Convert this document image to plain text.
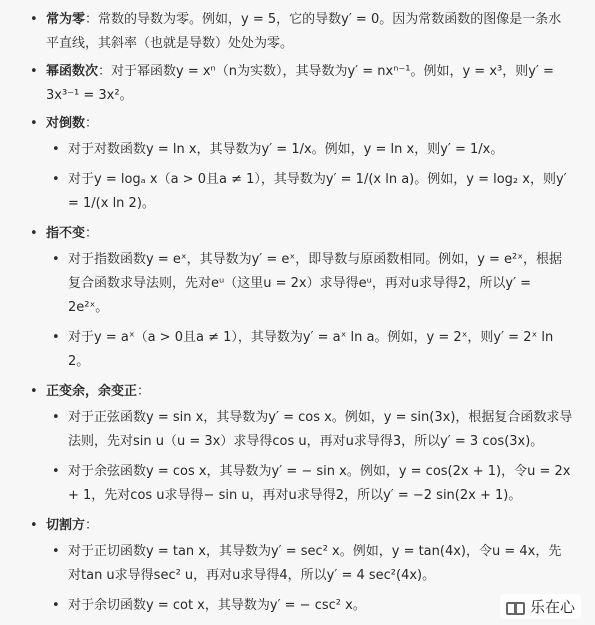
• 常为零：常数的导数为零。例如，y = 5，它的导数y′ = 0。因为常数函数的图像是一条水平直线，其斜率（也就是导数）处处为零。
• 幂函数次：对于幂函数y = xⁿ（n为实数），其导数为y′ = nxⁿ⁻¹。例如，y = x³，则y′ = 3x³⁻¹ = 3x²。
• 对倒数：
• 对于对数函数y = ln x，其导数为y′ = 1/x。例如，y = ln x，则y′ = 1/x。
• 对于y = logₐ x（a > 0且a ≠ 1），其导数为y′ = 1/(x ln a)。例如，y = log₂ x，则y′ = 1/(x ln 2)。
• 指不变：
• 对于指数函数y = eˣ，其导数为y′ = eˣ，即导数与原函数相同。例如，y = e²ˣ，根据复合函数求导法则，先对eᵘ（这里u = 2x）求导得eᵘ，再对u求导得2，所以y′ = 2e²ˣ。
• 对于y = aˣ（a > 0且a ≠ 1），其导数为y′ = aˣ ln a。例如，y = 2ˣ，则y′ = 2ˣ ln 2。
• 正变余，余变正：
• 对于正弦函数y = sin x，其导数为y′ = cos x。例如，y = sin(3x)，根据复合函数求导法则，先对sin u（u = 3x）求导得cos u，再对u求导得3，所以y′ = 3 cos(3x)。
• 对于余弦函数y = cos x，其导数为y′ = − sin x。例如，y = cos(2x + 1)，令u = 2x + 1，先对cos u求导得− sin u，再对u求导得2，所以y′ = −2 sin(2x + 1)。
• 切割方：
• 对于正切函数y = tan x，其导数为y′ = sec² x。例如，y = tan(4x)，令u = 4x，先对tan u求导得sec² u，再对u求导得4，所以y′ = 4 sec²(4x)。
• 对于余切函数y = cot x，其导数为y′ = − csc² x。	乐在心
